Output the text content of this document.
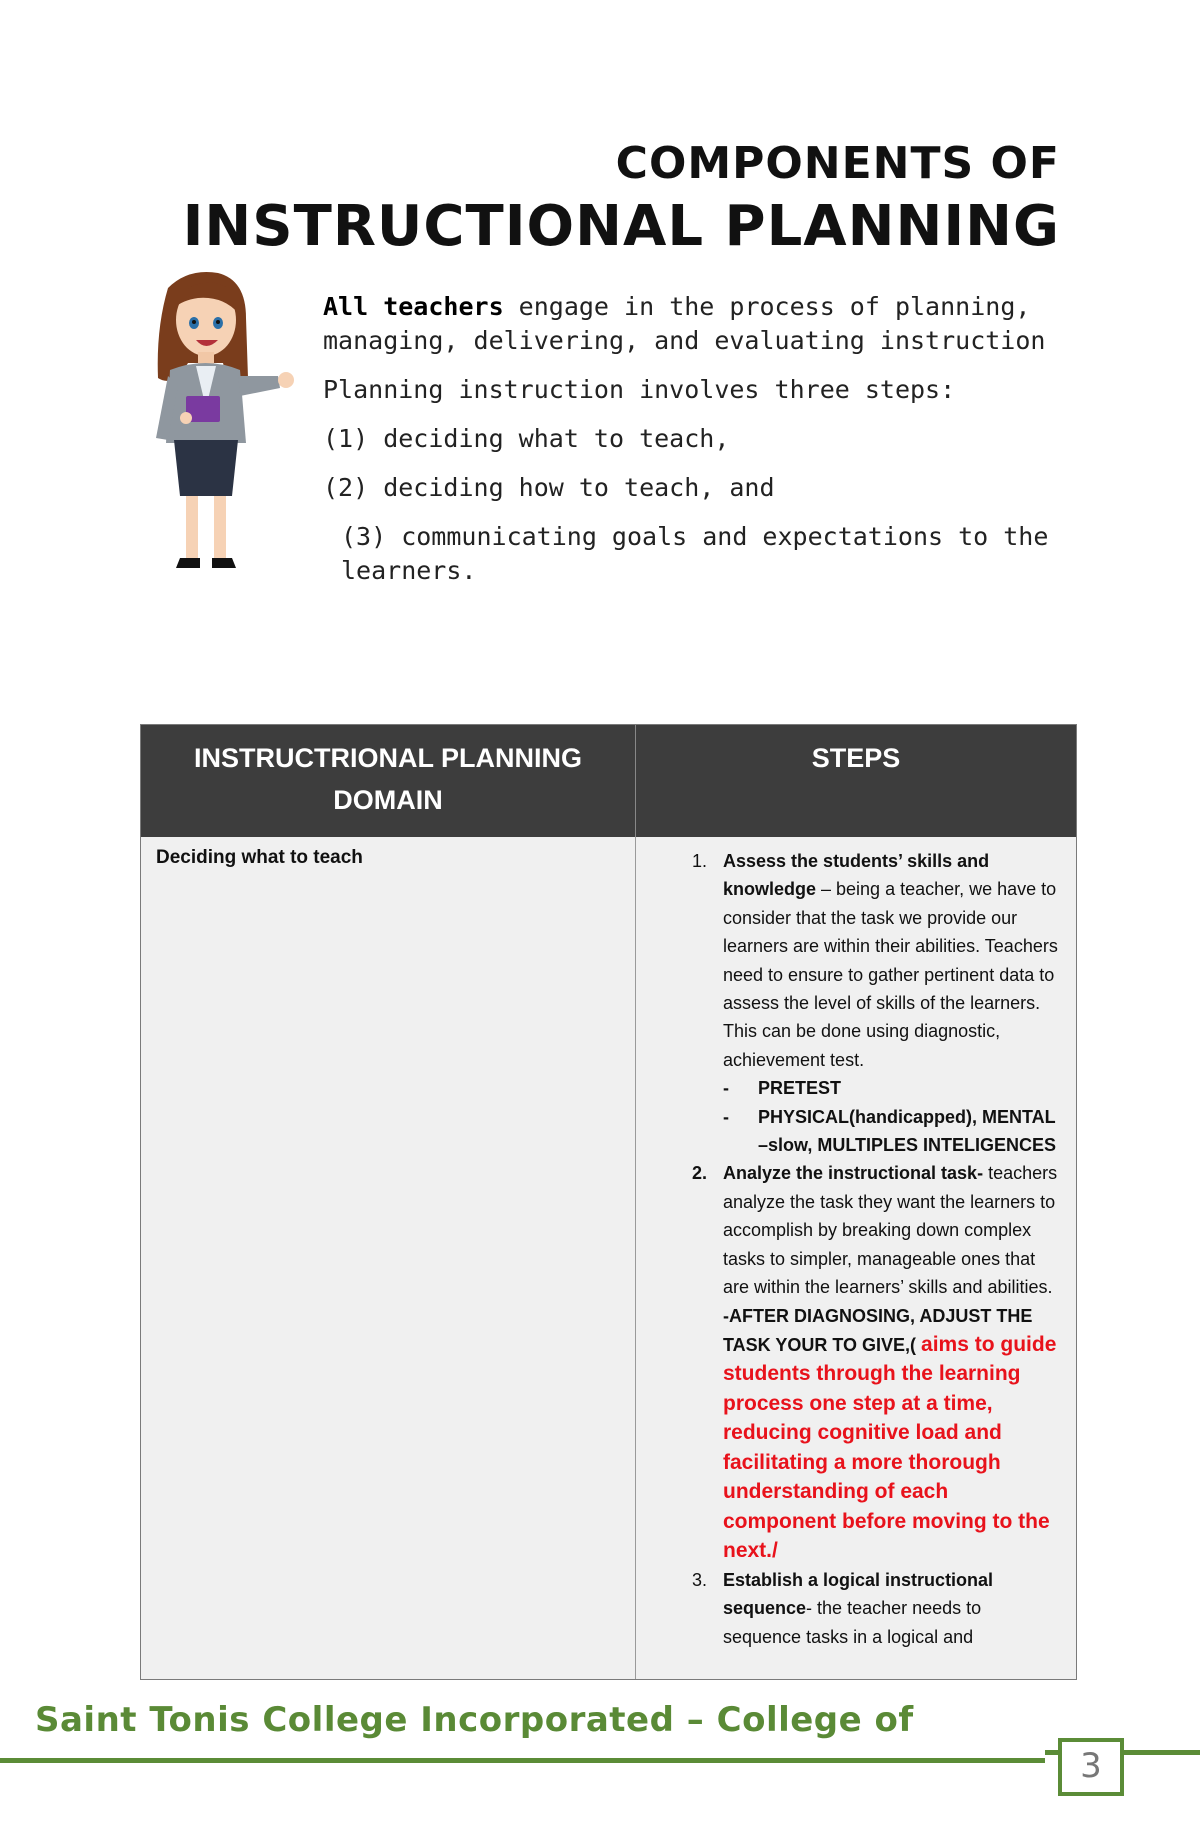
COMPONENTS OF
INSTRUCTIONAL PLANNING

All teachers engage in the process of planning, managing, delivering, and evaluating instruction

Planning instruction involves three steps:

(1) deciding what to teach,

(2) deciding how to teach, and

(3) communicating goals and expectations to the learners.

INSTRUCTRIONAL PLANNING DOMAIN
STEPS
Deciding what to teach	1. Assess the students’ skills and knowledge – being a teacher, we have to consider that the task we provide our learners are within their abilities. Teachers need to ensure to gather pertinent data to assess the level of skills of the learners. This can be done using diagnostic, achievement test.
-	PRETEST
-	PHYSICAL(handicapped), MENTAL –slow, MULTIPLES INTELIGENCES
2. Analyze the instructional task- teachers analyze the task they want the learners to accomplish by breaking down complex tasks to simpler, manageable ones that are within the learners’ skills and abilities.
-AFTER DIAGNOSING, ADJUST THE TASK YOUR TO GIVE,( aims to guide students through the learning process one step at a time, reducing cognitive load and facilitating a more thorough understanding of each component before moving to the next./
3. Establish a logical instructional sequence- the teacher needs to sequence tasks in a logical and
Saint Tonis College Incorporated – College of
3
